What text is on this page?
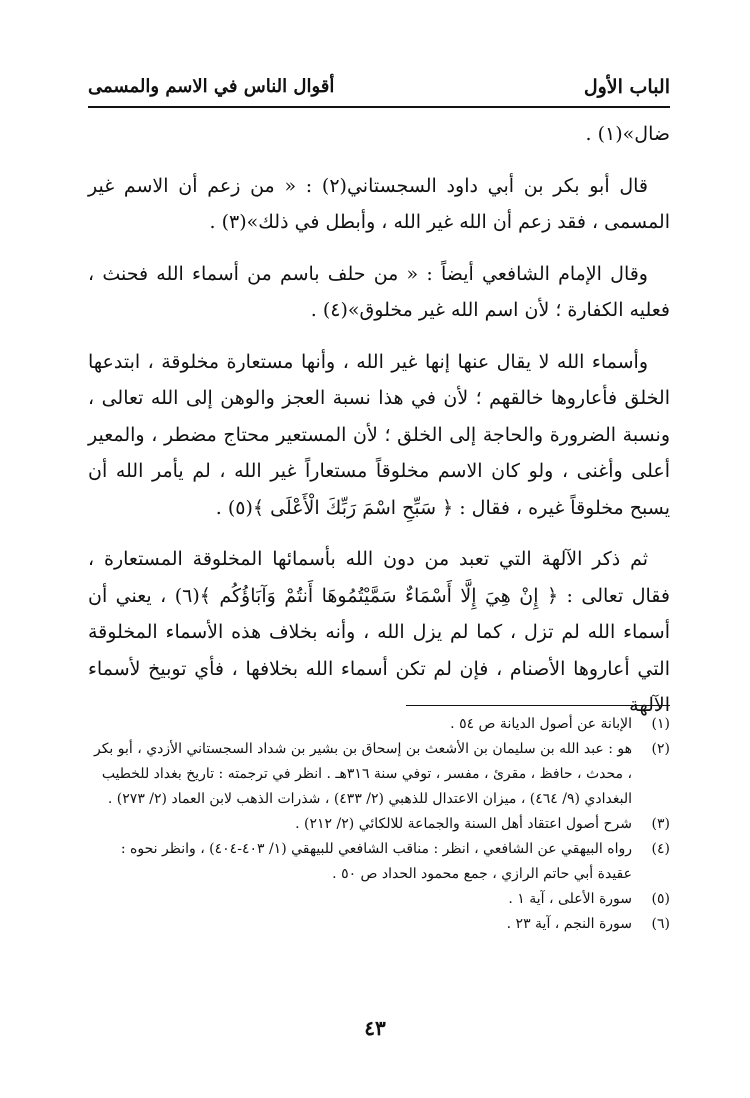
الباب الأول
أقوال الناس في الاسم والمسمى

ضال»(١) .

قال أبو بكر بن أبي داود السجستاني(٢) : « من زعم أن الاسم غير المسمى ، فقد زعم أن الله غير الله ، وأبطل في ذلك»(٣) .

وقال الإمام الشافعي أيضاً : « من حلف باسم من أسماء الله فحنث ، فعليه الكفارة ؛ لأن اسم الله غير مخلوق»(٤) .

وأسماء الله لا يقال عنها إنها غير الله ، وأنها مستعارة مخلوقة ، ابتدعها الخلق فأعاروها خالقهم ؛ لأن في هذا نسبة العجز والوهن إلى الله تعالى ، ونسبة الضرورة والحاجة إلى الخلق ؛ لأن المستعير محتاج مضطر ، والمعير أعلى وأغنى ، ولو كان الاسم مخلوقاً مستعاراً غير الله ، لم يأمر الله أن يسبح مخلوقاً غيره ، فقال : ﴿ سَبِّحِ اسْمَ رَبِّكَ الْأَعْلَى ﴾(٥) .

ثم ذكر الآلهة التي تعبد من دون الله بأسمائها المخلوقة المستعارة ، فقال تعالى : ﴿ إِنْ هِيَ إِلَّا أَسْمَاءٌ سَمَّيْتُمُوهَا أَنتُمْ وَآبَاؤُكُم ﴾(٦) ، يعني أن أسماء الله لم تزل ، كما لم يزل الله ، وأنه بخلاف هذه الأسماء المخلوقة التي أعاروها الأصنام ، فإن لم تكن أسماء الله بخلافها ، فأي توبيخ لأسماء الآلهة

(١)
الإبانة عن أصول الديانة ص ٥٤ .
(٢)
هو : عبد الله بن سليمان بن الأشعث بن إسحاق بن بشير بن شداد السجستاني الأزدي ، أبو بكر ، محدث ، حافظ ، مقرئ ، مفسر ، توفي سنة ٣١٦هـ . انظر في ترجمته : تاريخ بغداد للخطيب البغدادي (٩/ ٤٦٤) ، ميزان الاعتدال للذهبي (٢/ ٤٣٣) ، شذرات الذهب لابن العماد (٢/ ٢٧٣) .
(٣)
شرح أصول اعتقاد أهل السنة والجماعة للالكائي (٢/ ٢١٢) .
(٤)
رواه البيهقي عن الشافعي ، انظر : مناقب الشافعي للبيهقي (١/ ٤٠٣-٤٠٤) ، وانظر نحوه : عقيدة أبي حاتم الرازي ، جمع محمود الحداد ص ٥٠ .
(٥)
سورة الأعلى ، آية ١ .
(٦)
سورة النجم ، آية ٢٣ .
٤٣
